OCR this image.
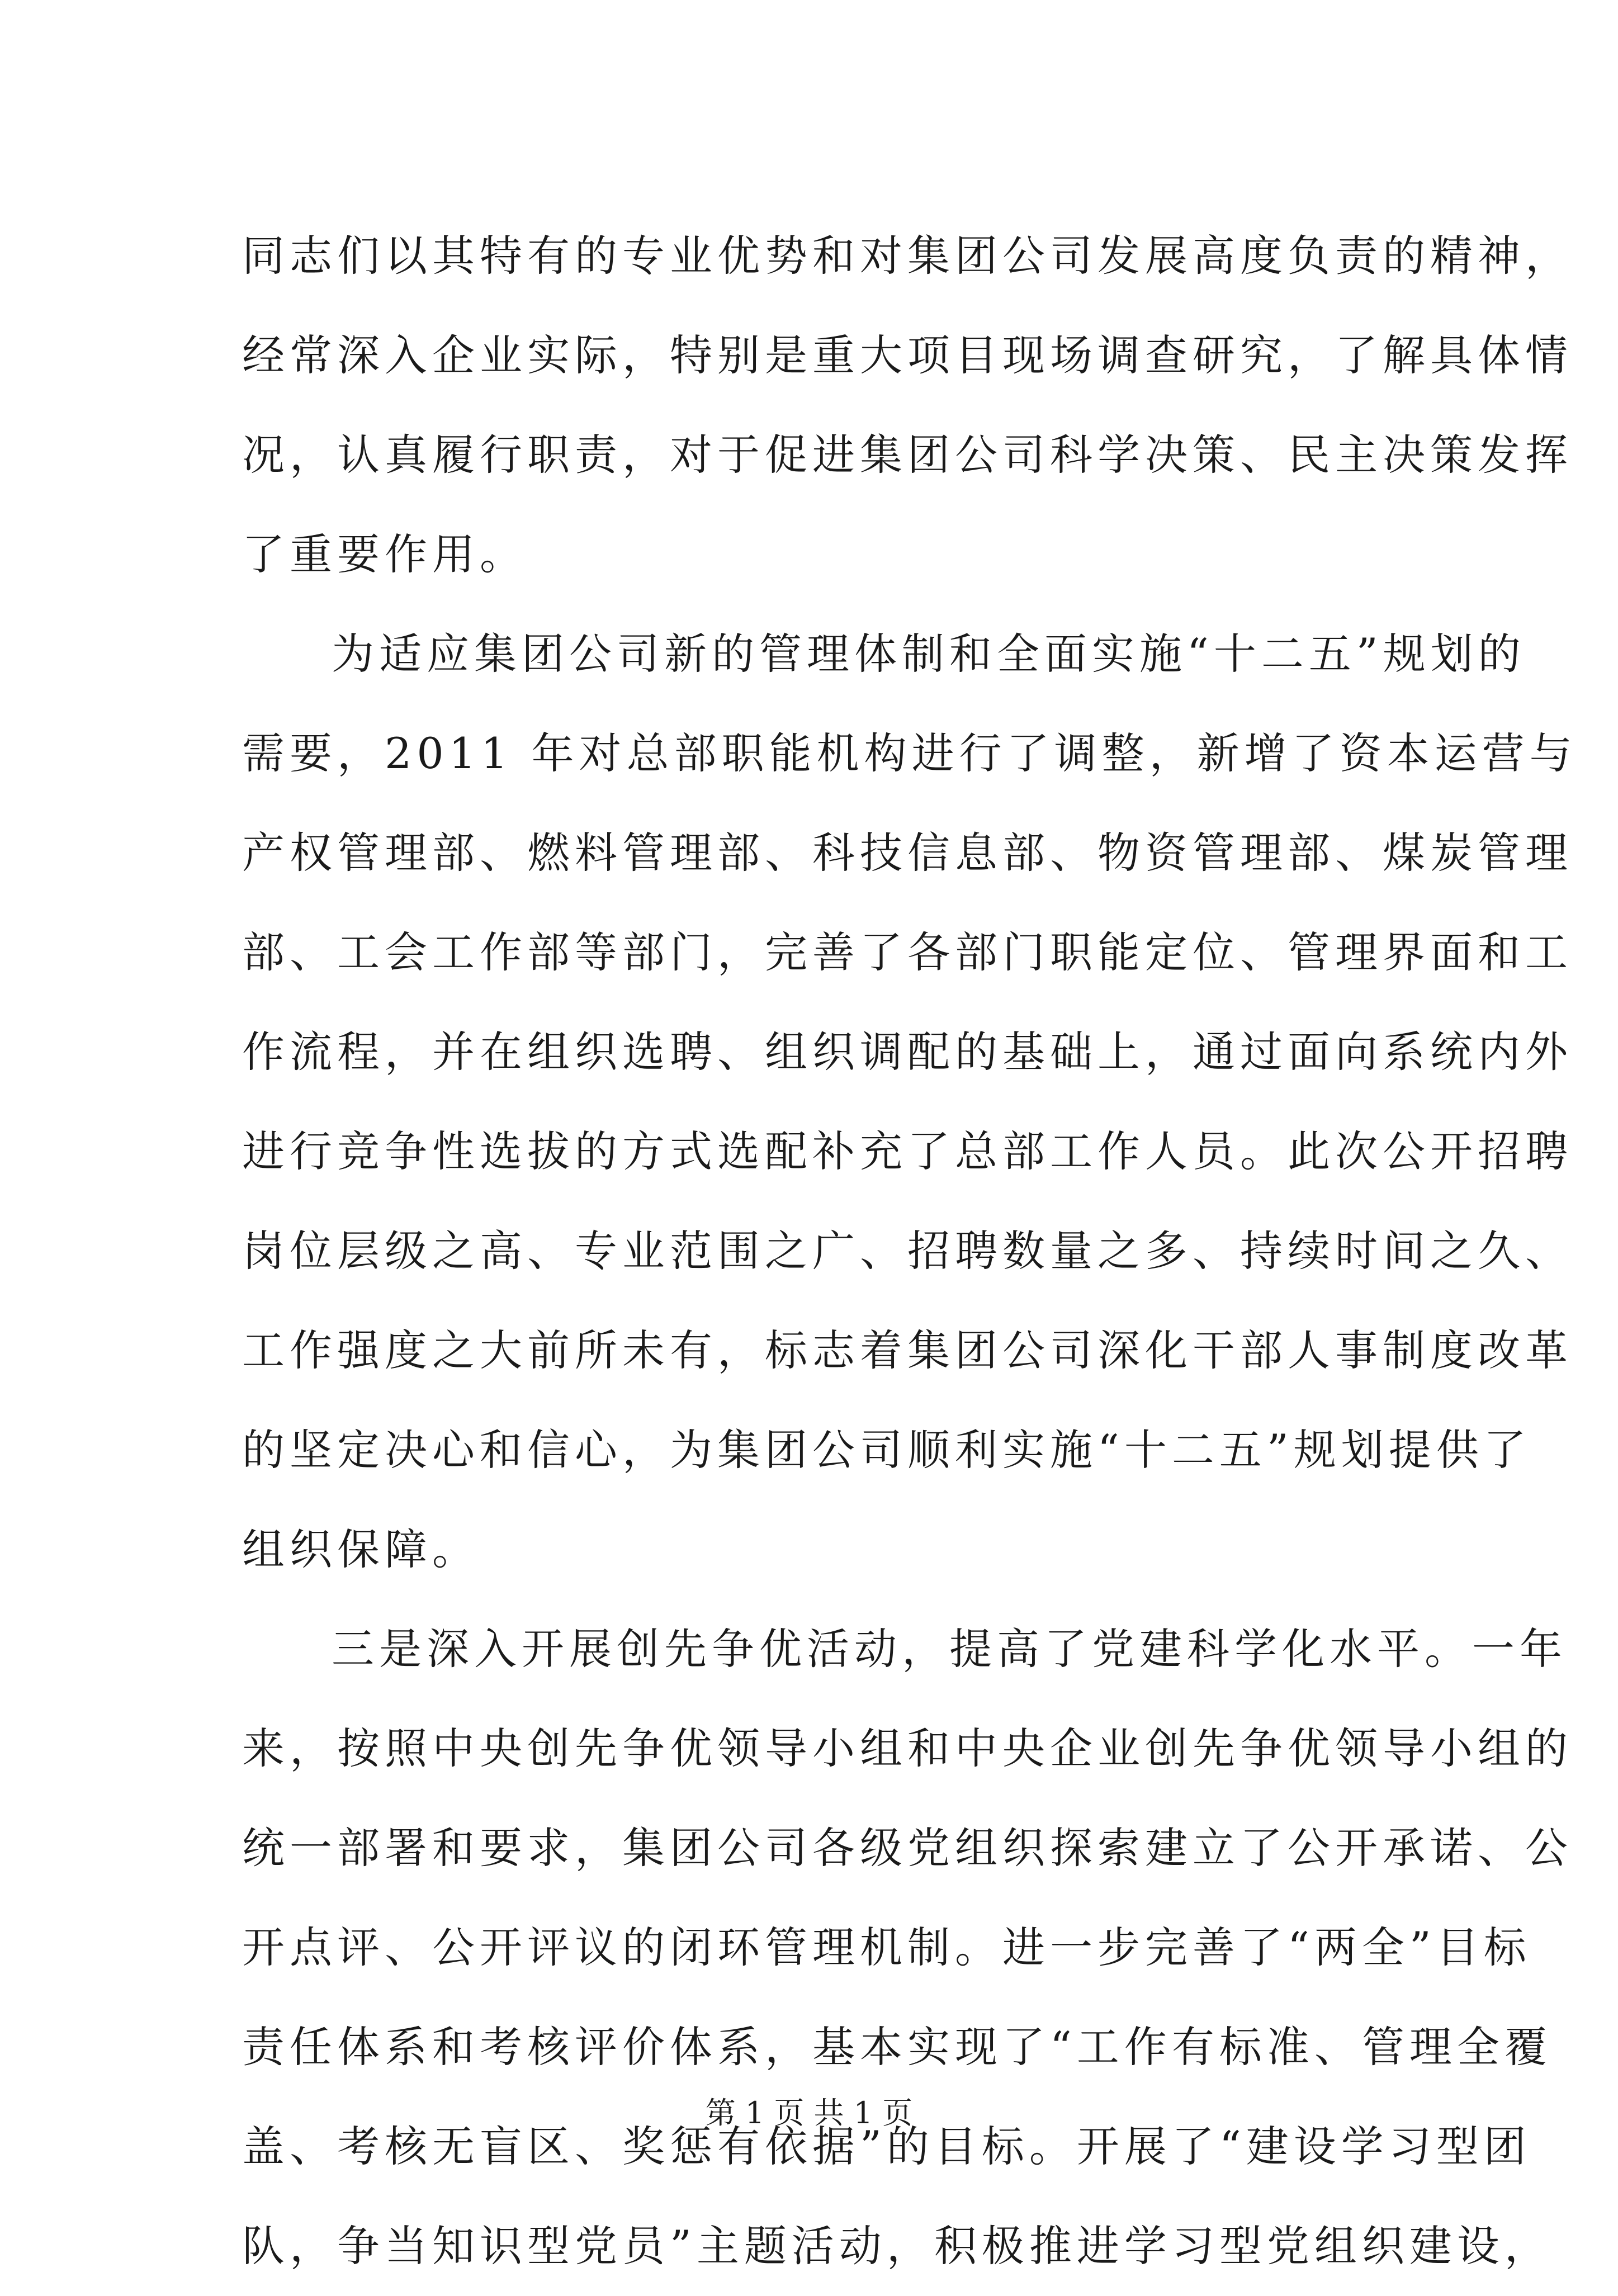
同志们以其特有的专业优势和对集团公司发展高度负责的精神，
经常深入企业实际，特别是重大项目现场调查研究，了解具体情
况，认真履行职责，对于促进集团公司科学决策、民主决策发挥
了重要作用。
为适应集团公司新的管理体制和全面实施“十二五”规划的
需要，2011 年对总部职能机构进行了调整，新增了资本运营与
产权管理部、燃料管理部、科技信息部、物资管理部、煤炭管理
部、工会工作部等部门，完善了各部门职能定位、管理界面和工
作流程，并在组织选聘、组织调配的基础上，通过面向系统内外
进行竞争性选拔的方式选配补充了总部工作人员。此次公开招聘
岗位层级之高、专业范围之广、招聘数量之多、持续时间之久、
工作强度之大前所未有，标志着集团公司深化干部人事制度改革
的坚定决心和信心，为集团公司顺利实施“十二五”规划提供了
组织保障。
三是深入开展创先争优活动，提高了党建科学化水平。一年
来，按照中央创先争优领导小组和中央企业创先争优领导小组的
统一部署和要求，集团公司各级党组织探索建立了公开承诺、公
开点评、公开评议的闭环管理机制。进一步完善了“两全”目标
责任体系和考核评价体系，基本实现了“工作有标准、管理全覆
盖、考核无盲区、奖惩有依据”的目标。开展了“建设学习型团
队，争当知识型党员”主题活动，积极推进学习型党组织建设，
第 1 页 共 1 页
